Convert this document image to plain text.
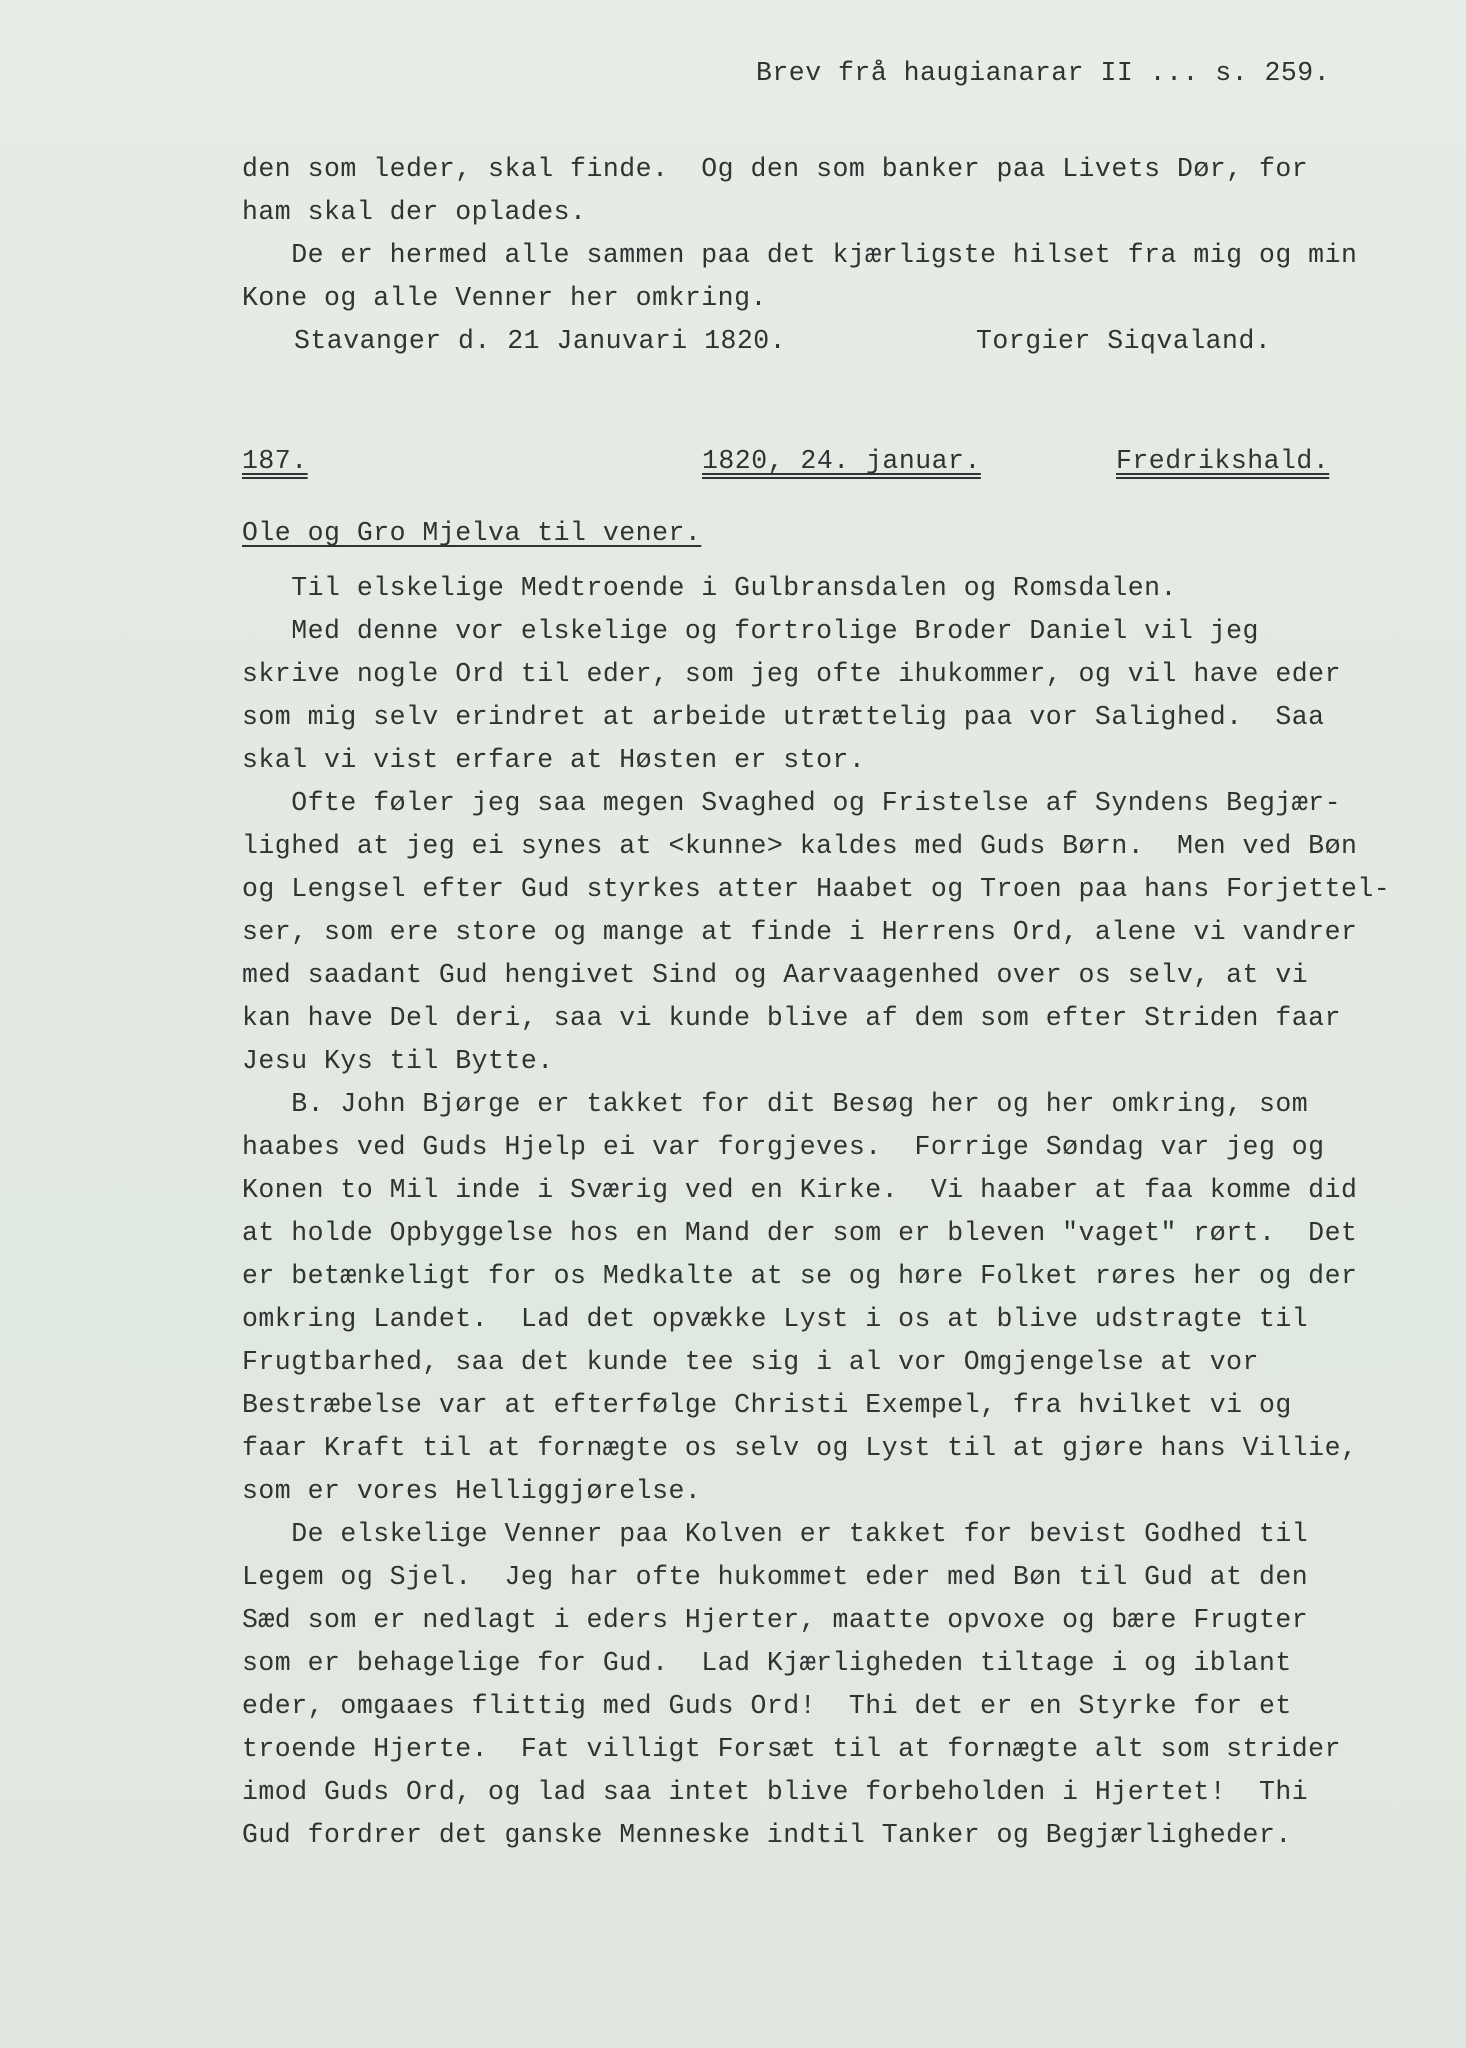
Brev frå haugianarar II ... s. 259.
den som leder, skal finde.  Og den som banker paa Livets Dør, for
ham skal der oplades.
De er hermed alle sammen paa det kjærligste hilset fra mig og min
Kone og alle Venner her omkring.
Stavanger d. 21 Januvari 1820.	Torgier Siqvaland.
187.	1820, 24. januar.	Fredrikshald.
Ole og Gro Mjelva til vener.
Til elskelige Medtroende i Gulbransdalen og Romsdalen.
Med denne vor elskelige og fortrolige Broder Daniel vil jeg
skrive nogle Ord til eder, som jeg ofte ihukommer, og vil have eder
som mig selv erindret at arbeide utrættelig paa vor Salighed.  Saa
skal vi vist erfare at Høsten er stor.
Ofte føler jeg saa megen Svaghed og Fristelse af Syndens Begjær-
lighed at jeg ei synes at <kunne> kaldes med Guds Børn.  Men ved Bøn
og Lengsel efter Gud styrkes atter Haabet og Troen paa hans Forjettel-
ser, som ere store og mange at finde i Herrens Ord, alene vi vandrer
med saadant Gud hengivet Sind og Aarvaagenhed over os selv, at vi
kan have Del deri, saa vi kunde blive af dem som efter Striden faar
Jesu Kys til Bytte.
B. John Bjørge er takket for dit Besøg her og her omkring, som
haabes ved Guds Hjelp ei var forgjeves.  Forrige Søndag var jeg og
Konen to Mil inde i Sværig ved en Kirke.  Vi haaber at faa komme did
at holde Opbyggelse hos en Mand der som er bleven "vaget" rørt.  Det
er betænkeligt for os Medkalte at se og høre Folket røres her og der
omkring Landet.  Lad det opvække Lyst i os at blive udstragte til
Frugtbarhed, saa det kunde tee sig i al vor Omgjengelse at vor
Bestræbelse var at efterfølge Christi Exempel, fra hvilket vi og
faar Kraft til at fornægte os selv og Lyst til at gjøre hans Villie,
som er vores Helliggjørelse.
De elskelige Venner paa Kolven er takket for bevist Godhed til
Legem og Sjel.  Jeg har ofte hukommet eder med Bøn til Gud at den
Sæd som er nedlagt i eders Hjerter, maatte opvoxe og bære Frugter
som er behagelige for Gud.  Lad Kjærligheden tiltage i og iblant
eder, omgaaes flittig med Guds Ord!  Thi det er en Styrke for et
troende Hjerte.  Fat villigt Forsæt til at fornægte alt som strider
imod Guds Ord, og lad saa intet blive forbeholden i Hjertet!  Thi
Gud fordrer det ganske Menneske indtil Tanker og Begjærligheder.
